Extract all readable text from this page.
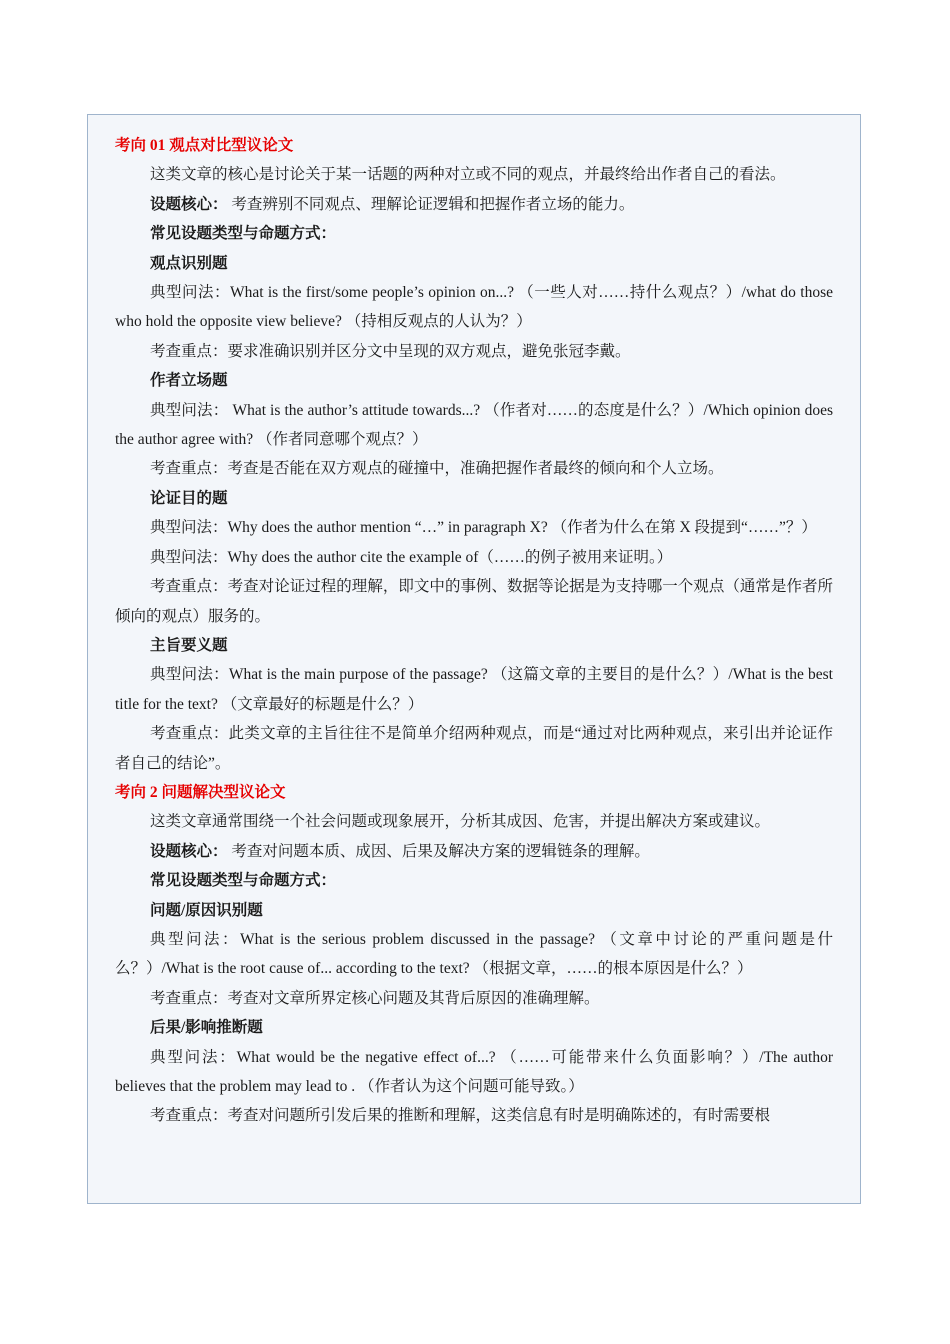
考向 01 观点对比型议论文

这类文章的核心是讨论关于某一话题的两种对立或不同的观点，并最终给出作者自己的看法。

设题核心： 考查辨别不同观点、理解论证逻辑和把握作者立场的能力。

常见设题类型与命题方式：

观点识别题

典型问法：What is the first/some people’s opinion on...? （一些人对……持什么观点？）/what do those who hold the opposite view believe? （持相反观点的人认为？）

考查重点：要求准确识别并区分文中呈现的双方观点，避免张冠李戴。

作者立场题

典型问法： What is the author’s attitude towards...? （作者对……的态度是什么？）/Which opinion does the author agree with? （作者同意哪个观点？）

考查重点：考查是否能在双方观点的碰撞中，准确把握作者最终的倾向和个人立场。

论证目的题

典型问法：Why does the author mention “…” in paragraph X? （作者为什么在第 X 段提到“……”？）

典型问法：Why does the author cite the example of（……的例子被用来证明。）

考查重点：考查对论证过程的理解，即文中的事例、数据等论据是为支持哪一个观点（通常是作者所倾向的观点）服务的。

主旨要义题

典型问法：What is the main purpose of the passage? （这篇文章的主要目的是什么？）/What is the best title for the text? （文章最好的标题是什么？）

考查重点：此类文章的主旨往往不是简单介绍两种观点，而是“通过对比两种观点，来引出并论证作者自己的结论”。

考向 2 问题解决型议论文

这类文章通常围绕一个社会问题或现象展开，分析其成因、危害，并提出解决方案或建议。

设题核心： 考查对问题本质、成因、后果及解决方案的逻辑链条的理解。

常见设题类型与命题方式：

问题/原因识别题

典型问法：What is the serious problem discussed in the passage? （文章中讨论的严重问题是什么？）/What is the root cause of... according to the text? （根据文章，……的根本原因是什么？）

考查重点：考查对文章所界定核心问题及其背后原因的准确理解。

后果/影响推断题

典型问法：What would be the negative effect of...? （……可能带来什么负面影响？）/The author believes that the problem may lead to . （作者认为这个问题可能导致。）

考查重点：考查对问题所引发后果的推断和理解，这类信息有时是明确陈述的，有时需要根
